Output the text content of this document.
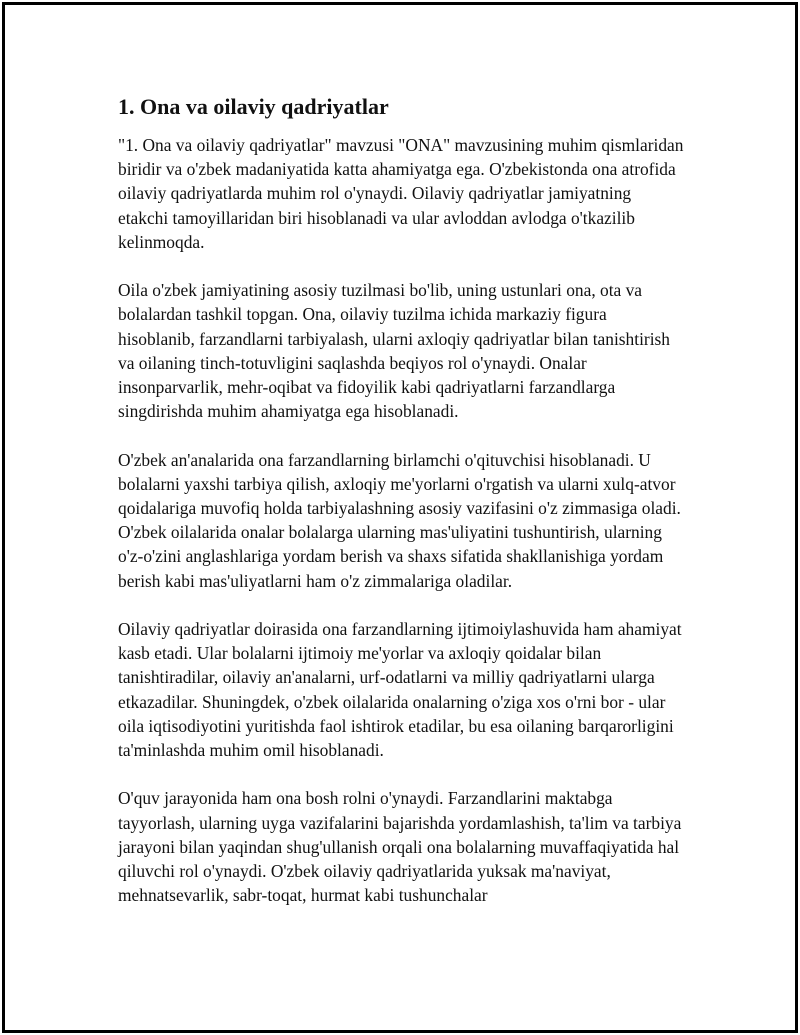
1. Ona va oilaviy qadriyatlar

"1. Ona va oilaviy qadriyatlar" mavzusi "ONA" mavzusining muhim qismlaridan biridir va o'zbek madaniyatida katta ahamiyatga ega. O'zbekistonda ona atrofida oilaviy qadriyatlarda muhim rol o'ynaydi. Oilaviy qadriyatlar jamiyatning etakchi tamoyillaridan biri hisoblanadi va ular avloddan avlodga o'tkazilib kelinmoqda.

Oila o'zbek jamiyatining asosiy tuzilmasi bo'lib, uning ustunlari ona, ota va bolalardan tashkil topgan. Ona, oilaviy tuzilma ichida markaziy figura hisoblanib, farzandlarni tarbiyalash, ularni axloqiy qadriyatlar bilan tanishtirish va oilaning tinch-totuvligini saqlashda beqiyos rol o'ynaydi. Onalar insonparvarlik, mehr-oqibat va fidoyilik kabi qadriyatlarni farzandlarga singdirishda muhim ahamiyatga ega hisoblanadi.

O'zbek an'analarida ona farzandlarning birlamchi o'qituvchisi hisoblanadi. U bolalarni yaxshi tarbiya qilish, axloqiy me'yorlarni o'rgatish va ularni xulq-atvor qoidalariga muvofiq holda tarbiyalashning asosiy vazifasini o'z zimmasiga oladi. O'zbek oilalarida onalar bolalarga ularning mas'uliyatini tushuntirish, ularning o'z-o'zini anglashlariga yordam berish va shaxs sifatida shakllanishiga yordam berish kabi mas'uliyatlarni ham o'z zimmalariga oladilar.

Oilaviy qadriyatlar doirasida ona farzandlarning ijtimoiylashuvida ham ahamiyat kasb etadi. Ular bolalarni ijtimoiy me'yorlar va axloqiy qoidalar bilan tanishtiradilar, oilaviy an'analarni, urf-odatlarni va milliy qadriyatlarni ularga etkazadilar. Shuningdek, o'zbek oilalarida onalarning o'ziga xos o'rni bor - ular oila iqtisodiyotini yuritishda faol ishtirok etadilar, bu esa oilaning barqarorligini ta'minlashda muhim omil hisoblanadi.

O'quv jarayonida ham ona bosh rolni o'ynaydi. Farzandlarini maktabga tayyorlash, ularning uyga vazifalarini bajarishda yordamlashish, ta'lim va tarbiya jarayoni bilan yaqindan shug'ullanish orqali ona bolalarning muvaffaqiyatida hal qiluvchi rol o'ynaydi. O'zbek oilaviy qadriyatlarida yuksak ma'naviyat, mehnatsevarlik, sabr-toqat, hurmat kabi tushunchalar
